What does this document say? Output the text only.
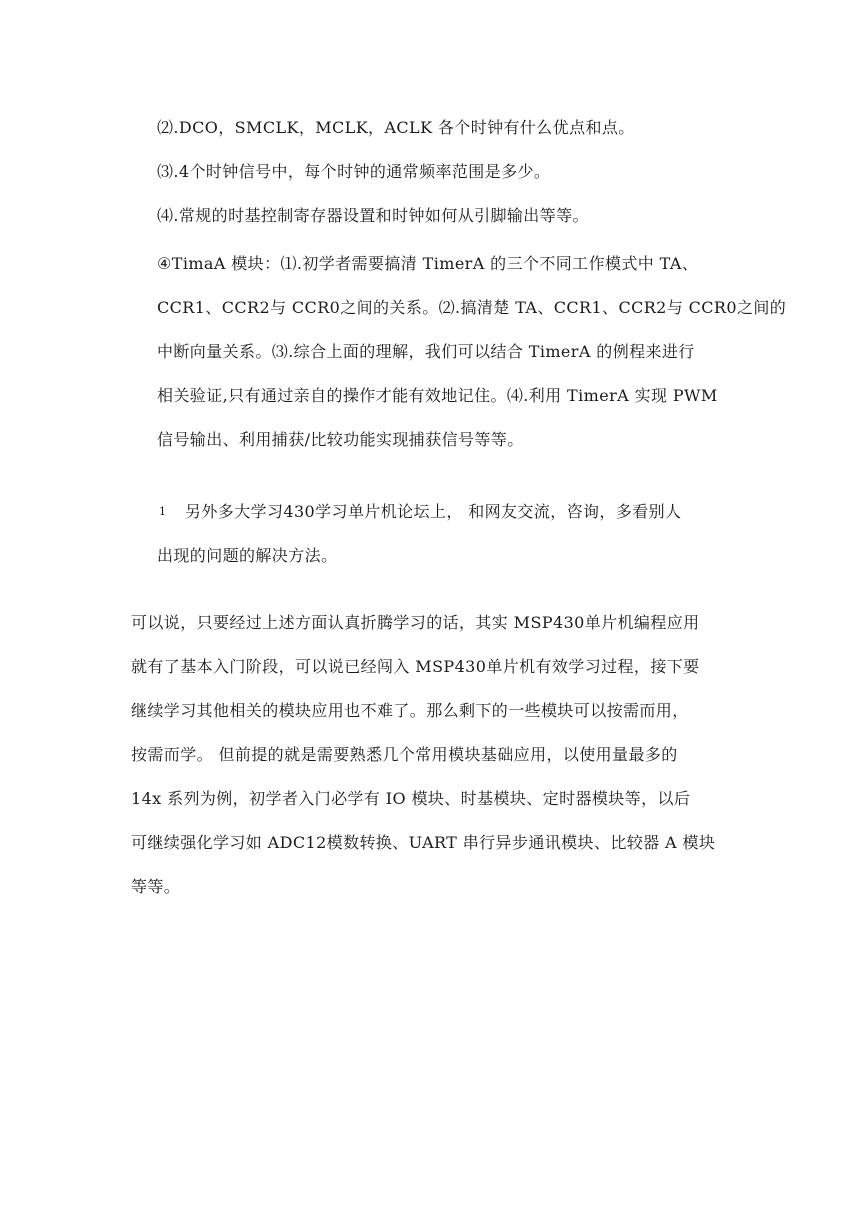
⑵.DCO，SMCLK，MCLK，ACLK 各个时钟有什么优点和点。
⑶.4个时钟信号中，每个时钟的通常频率范围是多少。
⑷.常规的时基控制寄存器设置和时钟如何从引脚输出等等。
④TimaA 模块：⑴.初学者需要搞清 TimerA 的三个不同工作模式中 TA、
CCR1、CCR2与 CCR0之间的关系。⑵.搞清楚 TA、CCR1、CCR2与 CCR0之间的
中断向量关系。⑶.综合上面的理解，我们可以结合 TimerA 的例程来进行
相关验证,只有通过亲自的操作才能有效地记住。⑷.利用 TimerA 实现 PWM
信号输出、利用捕获/比较功能实现捕获信号等等。
1 另外多大学习430学习单片机论坛上， 和网友交流，咨询，多看别人
出现的问题的解决方法。
可以说，只要经过上述方面认真折腾学习的话，其实 MSP430单片机编程应用
就有了基本入门阶段，可以说已经闯入 MSP430单片机有效学习过程，接下要
继续学习其他相关的模块应用也不难了。那么剩下的一些模块可以按需而用，
按需而学。 但前提的就是需要熟悉几个常用模块基础应用，以使用量最多的
14x 系列为例，初学者入门必学有 IO 模块、时基模块、定时器模块等，以后
可继续强化学习如 ADC12模数转换、UART 串行异步通讯模块、比较器 A 模块
等等。
